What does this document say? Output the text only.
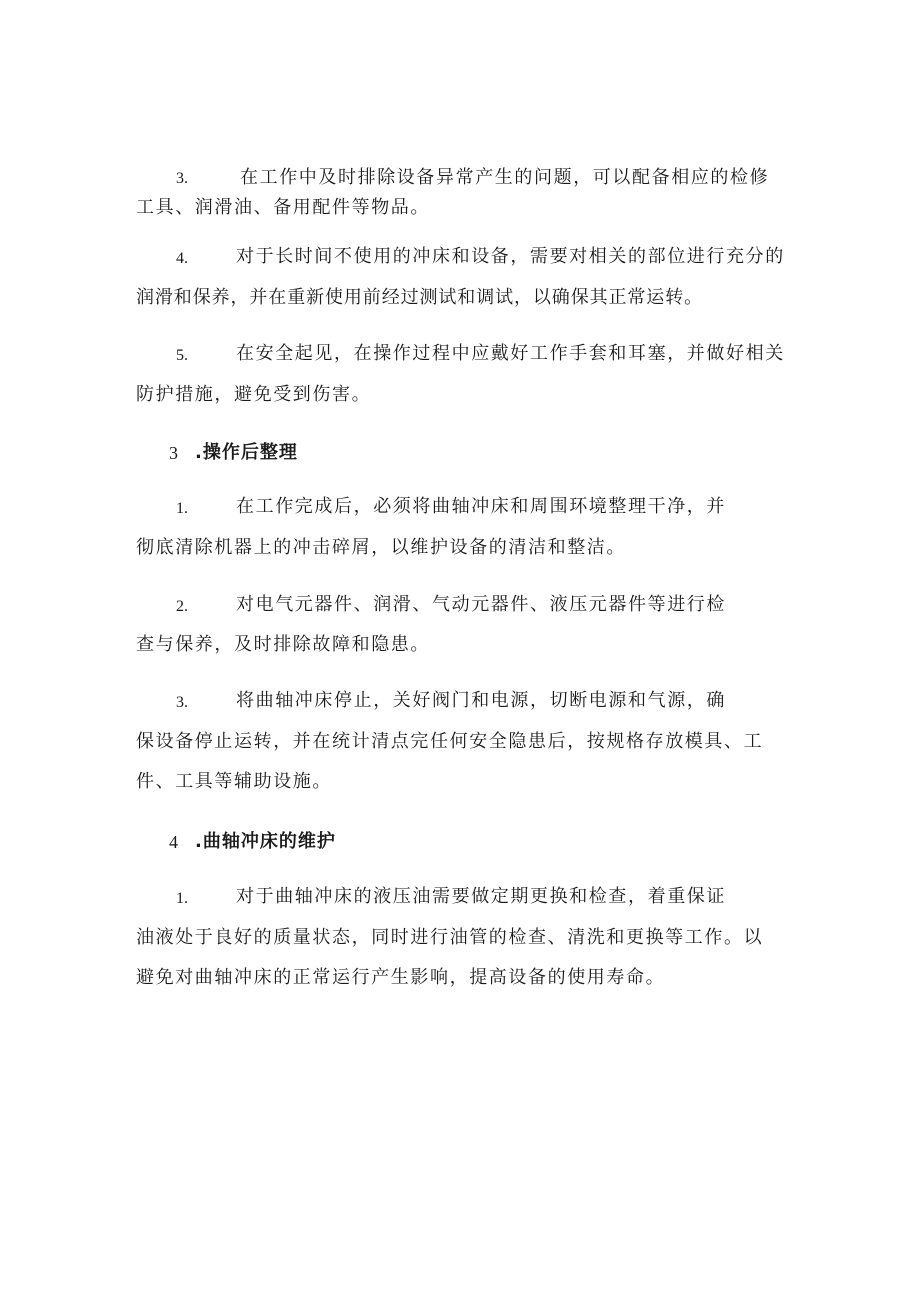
3.	在工作中及时排除设备异常产生的问题，可以配备相应的检修
工具、润滑油、备用配件等物品。
4.	对于长时间不使用的冲床和设备，需要对相关的部位进行充分的
润滑和保养，并在重新使用前经过测试和调试，以确保其正常运转。
5.	在安全起见，在操作过程中应戴好工作手套和耳塞，并做好相关
防护措施，避免受到伤害。
3 .操作后整理
1.	在工作完成后，必须将曲轴冲床和周围环境整理干净，并
彻底清除机器上的冲击碎屑，以维护设备的清洁和整洁。
2.	对电气元器件、润滑、气动元器件、液压元器件等进行检
查与保养，及时排除故障和隐患。
3.	将曲轴冲床停止，关好阀门和电源，切断电源和气源，确
保设备停止运转，并在统计清点完任何安全隐患后，按规格存放模具、工
件、工具等辅助设施。
4 .曲轴冲床的维护
1.	对于曲轴冲床的液压油需要做定期更换和检查，着重保证
油液处于良好的质量状态，同时进行油管的检查、清洗和更换等工作。以
避免对曲轴冲床的正常运行产生影响，提高设备的使用寿命。
